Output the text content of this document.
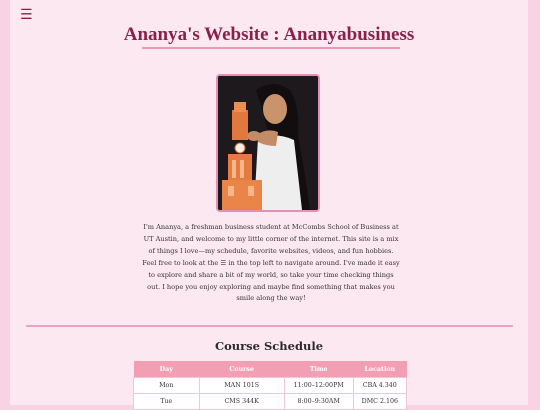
☰
Ananya's Website : Ananyabusiness
I'm Ananya, a freshman business student at McCombs School of Business at UT Austin, and welcome to my little corner of the internet. This site is a mix of things I love—my schedule, favorite websites, videos, and fun hobbies. Feel free to look at the ☰ in the top left to navigate around. I've made it easy to explore and share a bit of my world, so take your time checking things out. I hope you enjoy exploring and maybe find something that makes you smile along the way!
Course Schedule
Day	Course	Time	Location
Mon	MAN 101S	11:00–12:00PM	CBA 4.340
Tue	CMS 344K	8:00–9:30AM	DMC 2.106
